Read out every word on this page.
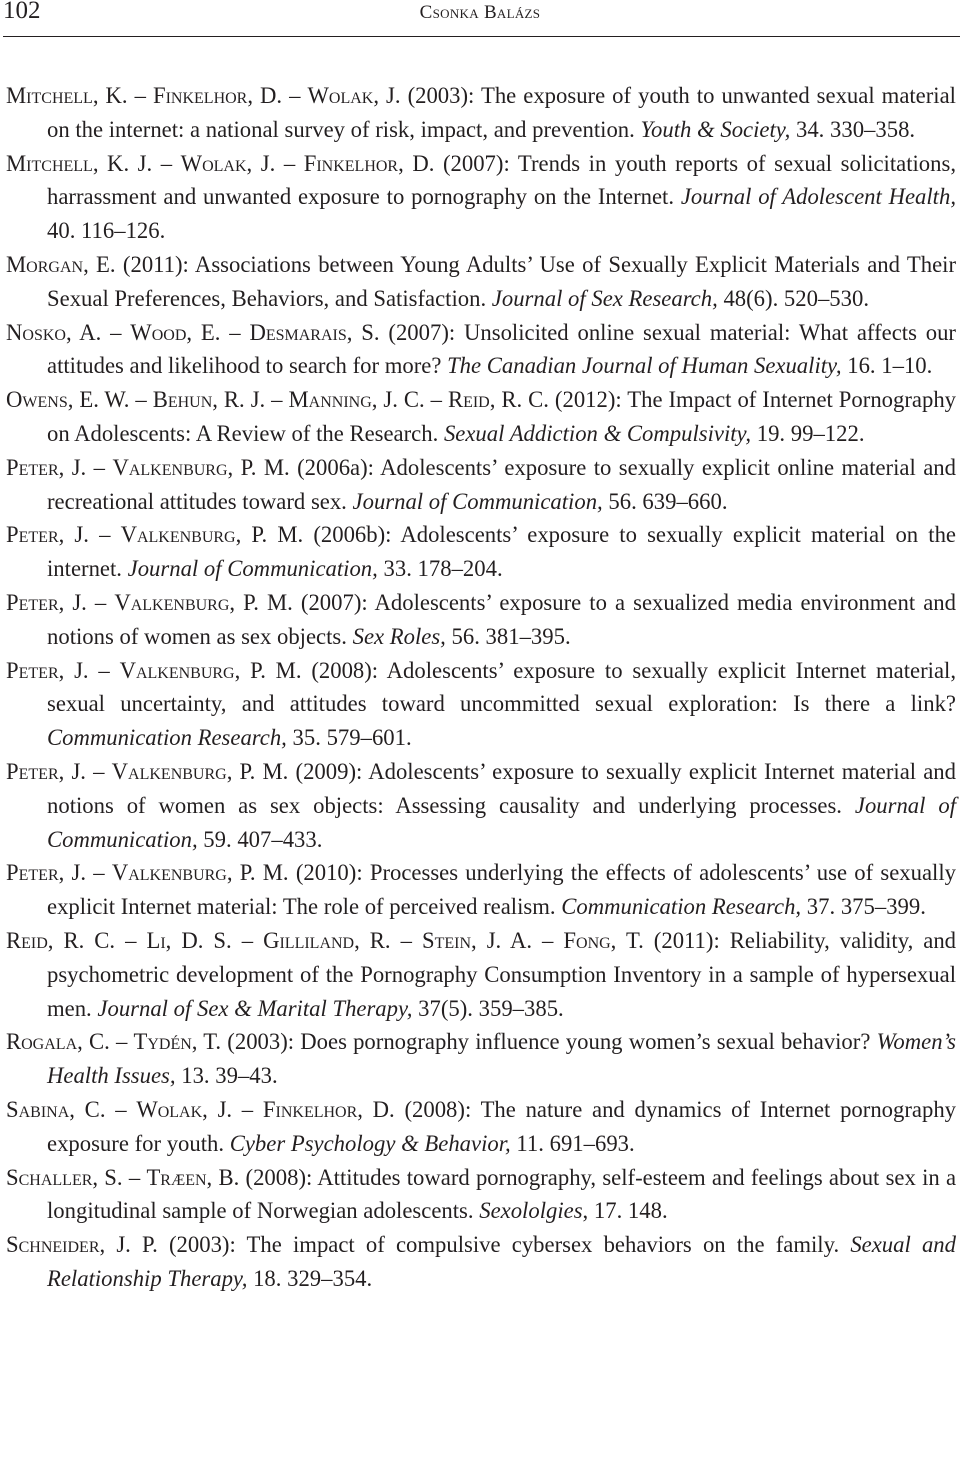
102	Csonka Balázs
Mitchell, K. – Finkelhor, D. – Wolak, J. (2003): The exposure of youth to unwanted sexual material on the internet: a national survey of risk, impact, and prevention. Youth & Society, 34. 330–358.
Mitchell, K. J. – Wolak, J. – Finkelhor, D. (2007): Trends in youth reports of sexual solicitations, harrassment and unwanted exposure to pornography on the Internet. Journal of Adolescent Health, 40. 116–126.
Morgan, E. (2011): Associations between Young Adults’ Use of Sexually Explicit Materials and Their Sexual Preferences, Behaviors, and Satisfaction. Journal of Sex Research, 48(6). 520–530.
Nosko, A. – Wood, E. – Desmarais, S. (2007): Unsolicited online sexual material: What affects our attitudes and likelihood to search for more? The Canadian Journal of Human Sexuality, 16. 1–10.
Owens, E. W. – Behun, R. J. – Manning, J. C. – Reid, R. C. (2012): The Impact of Internet Pornography on Adolescents: A Review of the Research. Sexual Addiction & Compulsivity, 19. 99–122.
Peter, J. – Valkenburg, P. M. (2006a): Adolescents’ exposure to sexually explicit online material and recreational attitudes toward sex. Journal of Communication, 56. 639–660.
Peter, J. – Valkenburg, P. M. (2006b): Adolescents’ exposure to sexually explicit material on the internet. Journal of Communication, 33. 178–204.
Peter, J. – Valkenburg, P. M. (2007): Adolescents’ exposure to a sexualized media environment and notions of women as sex objects. Sex Roles, 56. 381–395.
Peter, J. – Valkenburg, P. M. (2008): Adolescents’ exposure to sexually explicit Internet material, sexual uncertainty, and attitudes toward uncommitted sexual exploration: Is there a link? Communication Research, 35. 579–601.
Peter, J. – Valkenburg, P. M. (2009): Adolescents’ exposure to sexually explicit Internet material and notions of women as sex objects: Assessing causality and underlying processes. Journal of Communication, 59. 407–433.
Peter, J. – Valkenburg, P. M. (2010): Processes underlying the effects of adolescents’ use of sexually explicit Internet material: The role of perceived realism. Communication Research, 37. 375–399.
Reid, R. C. – Li, D. S. – Gilliland, R. – Stein, J. A. – Fong, T. (2011): Reliability, validity, and psychometric development of the Pornography Consumption Inventory in a sample of hypersexual men. Journal of Sex & Marital Therapy, 37(5). 359–385.
Rogala, C. – Tydén, T. (2003): Does pornography influence young women’s sexual behavior? Women’s Health Issues, 13. 39–43.
Sabina, C. – Wolak, J. – Finkelhor, D. (2008): The nature and dynamics of Internet pornography exposure for youth. Cyber Psychology & Behavior, 11. 691–693.
Schaller, S. – Træen, B. (2008): Attitudes toward pornography, self-esteem and feelings about sex in a longitudinal sample of Norwegian adolescents. Sexololgies, 17. 148.
Schneider, J. P. (2003): The impact of compulsive cybersex behaviors on the family. Sexual and Relationship Therapy, 18. 329–354.
